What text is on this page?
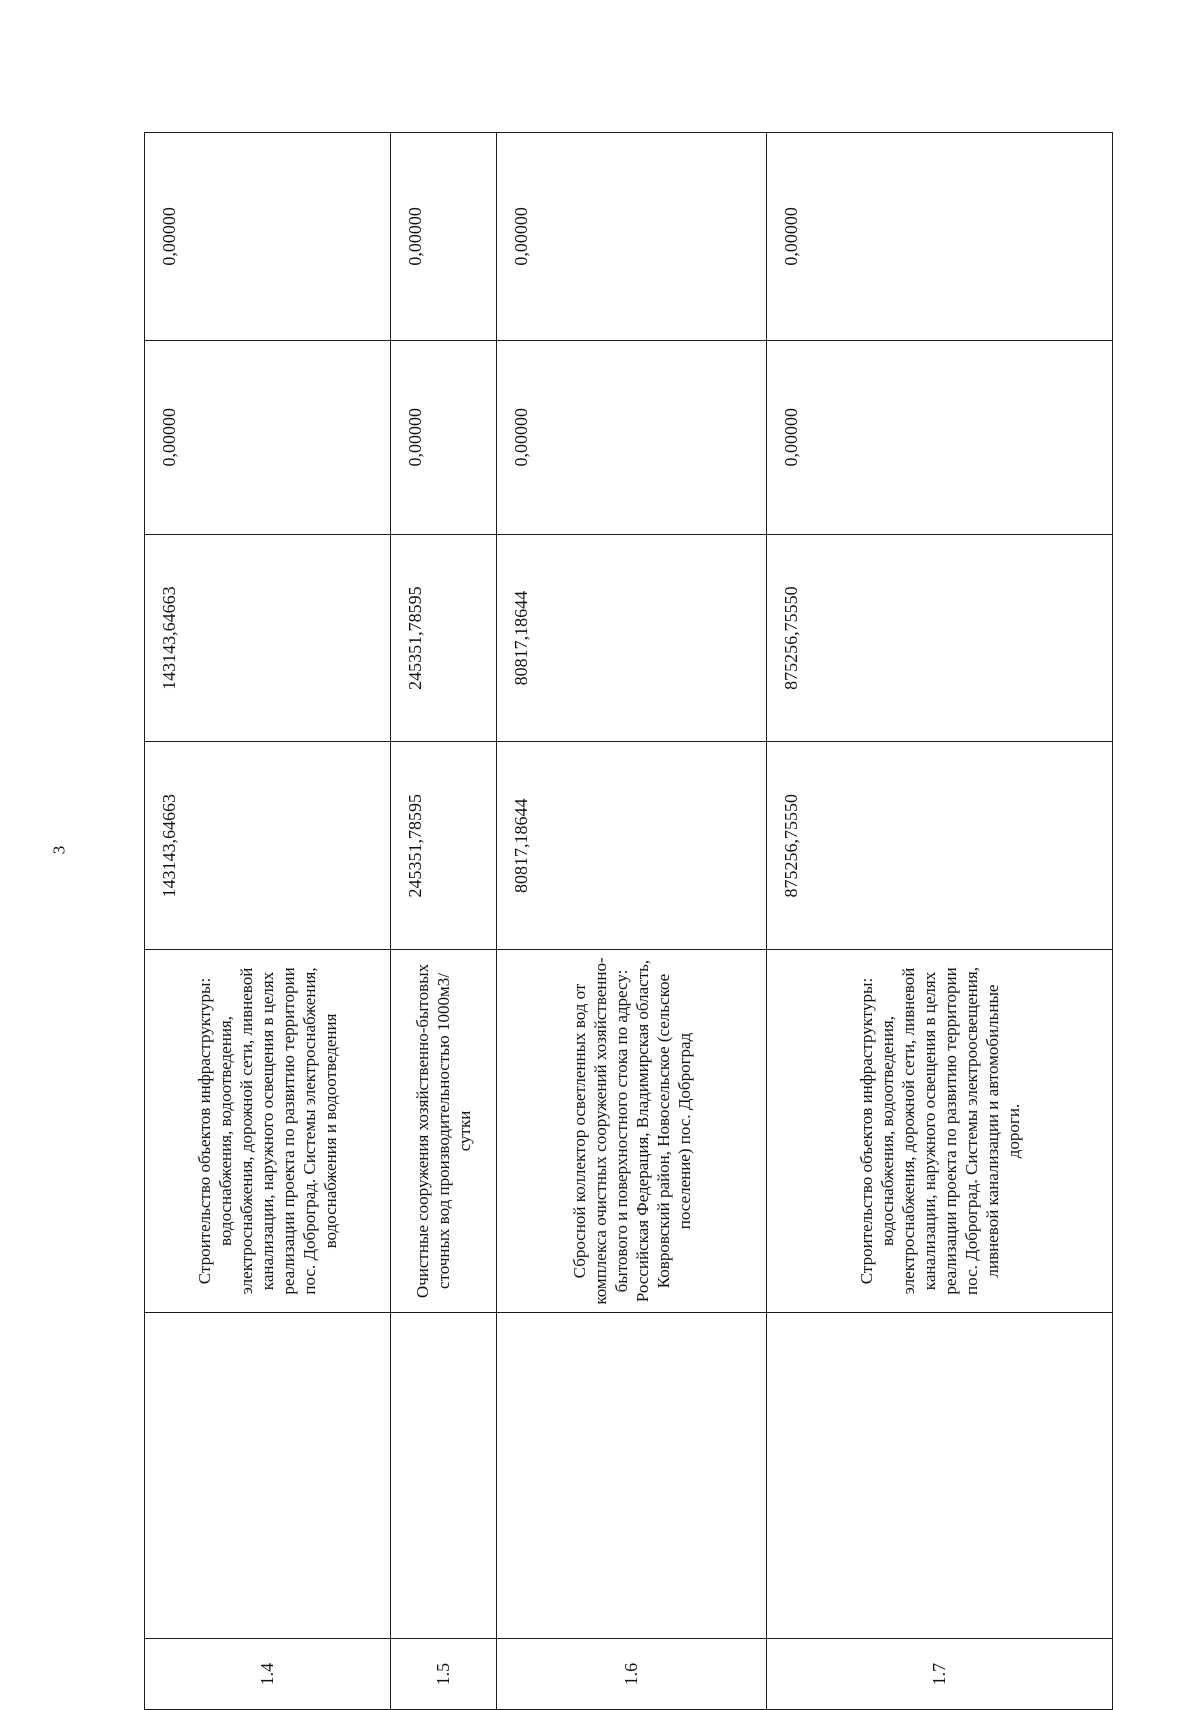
3
1.4		Строительство объектов инфраструктуры: водоснабжения, водоотведения, электроснабжения, дорожной сети, ливневой канализации, наружного освещения в целях реализации проекта по развитию территории пос. Доброград. Системы электроснабжения, водоснабжения и водоотведения	143143,64663	143143,64663	0,00000	0,00000
1.5		Очистные сооружения хозяйственно-бытовых сточных вод производительностью 1000м3/сутки	245351,78595	245351,78595	0,00000	0,00000
1.6		Сбросной коллектор осветленных вод от комплекса очистных сооружений хозяйственно-бытового и поверхностного стока по адресу: Российская Федерация, Владимирская область, Ковровский район, Новосельское (сельское поселение) пос. Доброград	80817,18644	80817,18644	0,00000	0,00000
1.7		Строительство объектов инфраструктуры: водоснабжения, водоотведения, электроснабжения, дорожной сети, ливневой канализации, наружного освещения в целях реализации проекта по развитию территории пос. Доброград. Системы электроосвещения, ливневой канализации и автомобильные дороги.	875256,75550	875256,75550	0,00000	0,00000
